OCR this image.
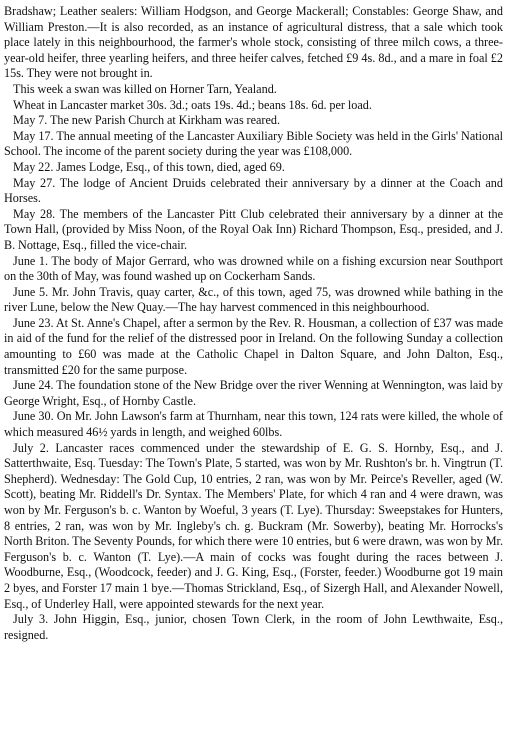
Bradshaw; Leather sealers: William Hodgson, and George Mackerall; Constables: George Shaw, and William Preston.—It is also recorded, as an instance of agricultural distress, that a sale which took place lately in this neighbourhood, the farmer's whole stock, consisting of three milch cows, a three-year-old heifer, three yearling heifers, and three heifer calves, fetched £9 4s. 8d., and a mare in foal £2 15s. They were not brought in.

This week a swan was killed on Horner Tarn, Yealand.

Wheat in Lancaster market 30s. 3d.; oats 19s. 4d.; beans 18s. 6d. per load.

May 7. The new Parish Church at Kirkham was reared.

May 17. The annual meeting of the Lancaster Auxiliary Bible Society was held in the Girls' National School. The income of the parent society during the year was £108,000.

May 22. James Lodge, Esq., of this town, died, aged 69.

May 27. The lodge of Ancient Druids celebrated their anniversary by a dinner at the Coach and Horses.

May 28. The members of the Lancaster Pitt Club celebrated their anniversary by a dinner at the Town Hall, (provided by Miss Noon, of the Royal Oak Inn) Richard Thompson, Esq., presided, and J. B. Nottage, Esq., filled the vice-chair.

June 1. The body of Major Gerrard, who was drowned while on a fishing excursion near Southport on the 30th of May, was found washed up on Cockerham Sands.

June 5. Mr. John Travis, quay carter, &c., of this town, aged 75, was drowned while bathing in the river Lune, below the New Quay.—The hay harvest commenced in this neighbourhood.

June 23. At St. Anne's Chapel, after a sermon by the Rev. R. Housman, a collection of £37 was made in aid of the fund for the relief of the distressed poor in Ireland. On the following Sunday a collection amounting to £60 was made at the Catholic Chapel in Dalton Square, and John Dalton, Esq., transmitted £20 for the same purpose.

June 24. The foundation stone of the New Bridge over the river Wenning at Wennington, was laid by George Wright, Esq., of Hornby Castle.

June 30. On Mr. John Lawson's farm at Thurnham, near this town, 124 rats were killed, the whole of which measured 46½ yards in length, and weighed 60lbs.

July 2. Lancaster races commenced under the stewardship of E. G. S. Hornby, Esq., and J. Satterthwaite, Esq. Tuesday: The Town's Plate, 5 started, was won by Mr. Rushton's br. h. Vingtrun (T. Shepherd). Wednesday: The Gold Cup, 10 entries, 2 ran, was won by Mr. Peirce's Reveller, aged (W. Scott), beating Mr. Riddell's Dr. Syntax. The Members' Plate, for which 4 ran and 4 were drawn, was won by Mr. Ferguson's b. c. Wanton by Woeful, 3 years (T. Lye). Thursday: Sweepstakes for Hunters, 8 entries, 2 ran, was won by Mr. Ingleby's ch. g. Buckram (Mr. Sowerby), beating Mr. Horrocks's North Briton. The Seventy Pounds, for which there were 10 entries, but 6 were drawn, was won by Mr. Ferguson's b. c. Wanton (T. Lye).—A main of cocks was fought during the races between J. Woodburne, Esq., (Woodcock, feeder) and J. G. King, Esq., (Forster, feeder.) Woodburne got 19 main 2 byes, and Forster 17 main 1 bye.—Thomas Strickland, Esq., of Sizergh Hall, and Alexander Nowell, Esq., of Underley Hall, were appointed stewards for the next year.

July 3. John Higgin, Esq., junior, chosen Town Clerk, in the room of John Lewthwaite, Esq., resigned.
